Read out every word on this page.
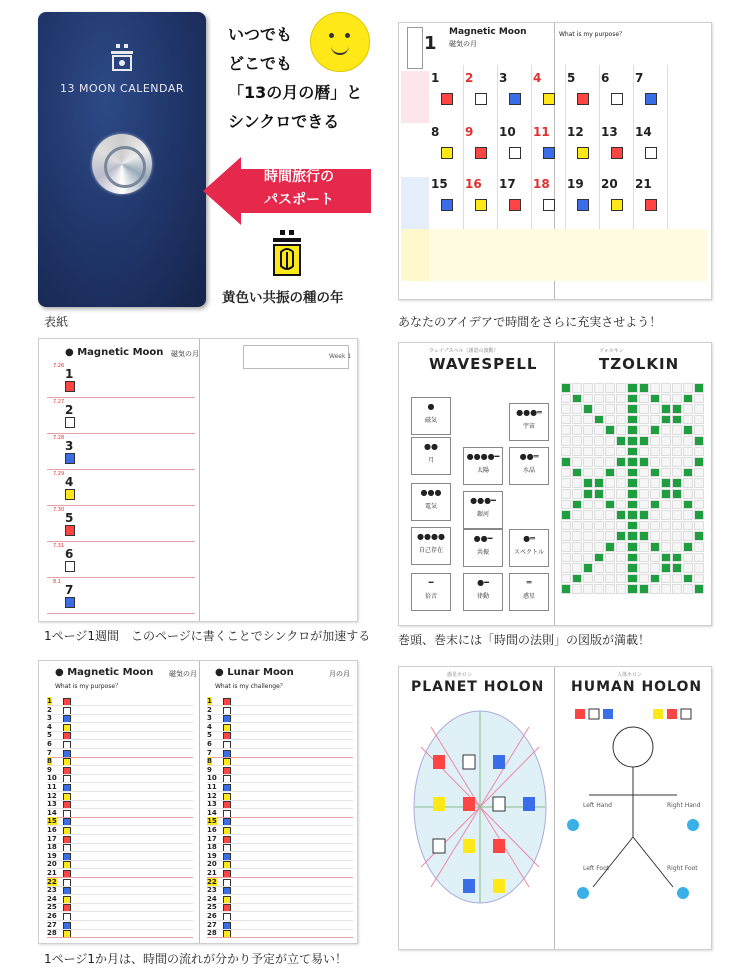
13 MOON CALENDAR
表紙
いつでも
どこでも
「13の月の暦」と
シンクロできる
時間旅行の
パスポート
黄色い共振の種の年
1
Magnetic Moon
磁気の月
What is my purpose？
1 2 3 4 5 6 7
8 9 10 11 12 13 14
15 16 17 18 19 20 21
あなたのアイデアで時間をさらに充実させよう！
● Magnetic Moon 磁気の月	Week 1
7.26
1
7.27
2
7.28
3
7.29
4
7.30
5
7.31
6
8.1
7
1ページ1週間　このページに書くことでシンクロが加速する
ウェイブスペル（創造の波動）
WAVESPELL
ツォルキン
TZOLKIN
●
磁気
●●
月
●●●
電気
●●●●
自己存在
━
倍音
●━
律動
●●━
共振
●●●━
銀河
●●●●━
太陽
═
惑星
●═
スペクトル
●●═
水晶
●●●═
宇宙
巻頭、巻末には「時間の法則」の図版が満載！
● Magnetic Moon 磁気の月
What is my purpose？
● Lunar Moon	月の月
What is my challenge？
1
2
3
4
5
6
7
8
9
10
11
12
13
14
15
16
17
18
19
20
21
22
23
24
25
26
27
28
1
2
3
4
5
6
7
8
9
10
11
12
13
14
15
16
17
18
19
20
21
22
23
24
25
26
27
28
1ページ1か月は、時間の流れが分かり予定が立て易い！
惑星ホロン
PLANET HOLON
人体ホロン
HUMAN HOLON
Left Hand	Right Hand
Left Foot	Right Foot
